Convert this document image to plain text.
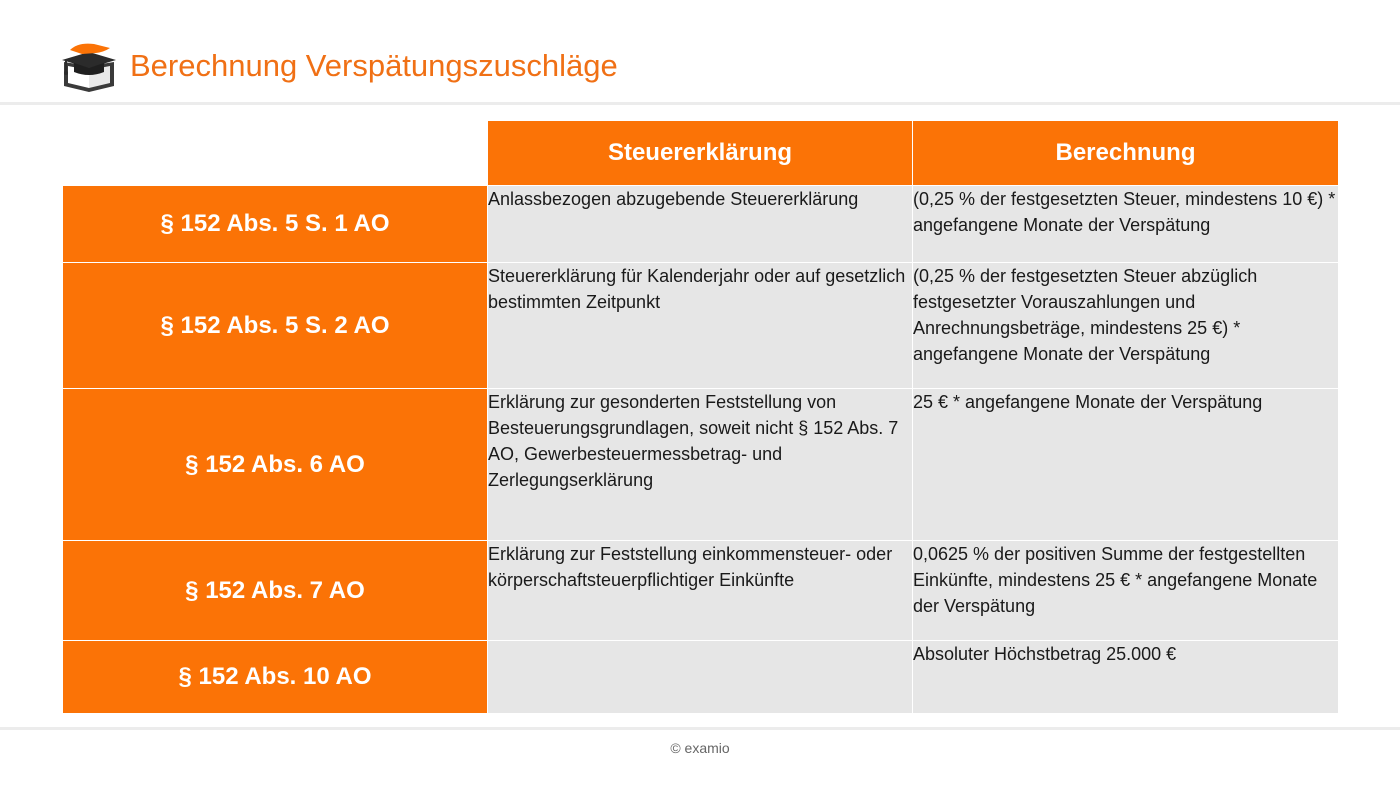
Berechnung Verspätungszuschläge
	Steuererklärung	Berechnung
§ 152 Abs. 5 S. 1 AO	Anlassbezogen abzugebende Steuererklärung	(0,25 % der festgesetzten Steuer, mindestens 10 €) * angefangene Monate der Verspätung
§ 152 Abs. 5 S. 2 AO	Steuererklärung für Kalenderjahr oder auf gesetzlich bestimmten Zeitpunkt	(0,25 % der festgesetzten Steuer abzüglich festgesetzter Vorauszahlungen und Anrechnungsbeträge, mindestens 25 €) * angefangene Monate der Verspätung
§ 152 Abs. 6 AO	Erklärung zur gesonderten Feststellung von Besteuerungsgrundlagen, soweit nicht § 152 Abs. 7 AO, Gewerbesteuermessbetrag- und Zerlegungserklärung	25 € * angefangene Monate der Verspätung
§ 152 Abs. 7 AO	Erklärung zur Feststellung einkommensteuer- oder körperschaftsteuerpflichtiger Einkünfte	0,0625 % der positiven Summe der festgestellten Einkünfte, mindestens 25 € * angefangene Monate der Verspätung
§ 152 Abs. 10 AO		Absoluter Höchstbetrag 25.000 €
© examio
